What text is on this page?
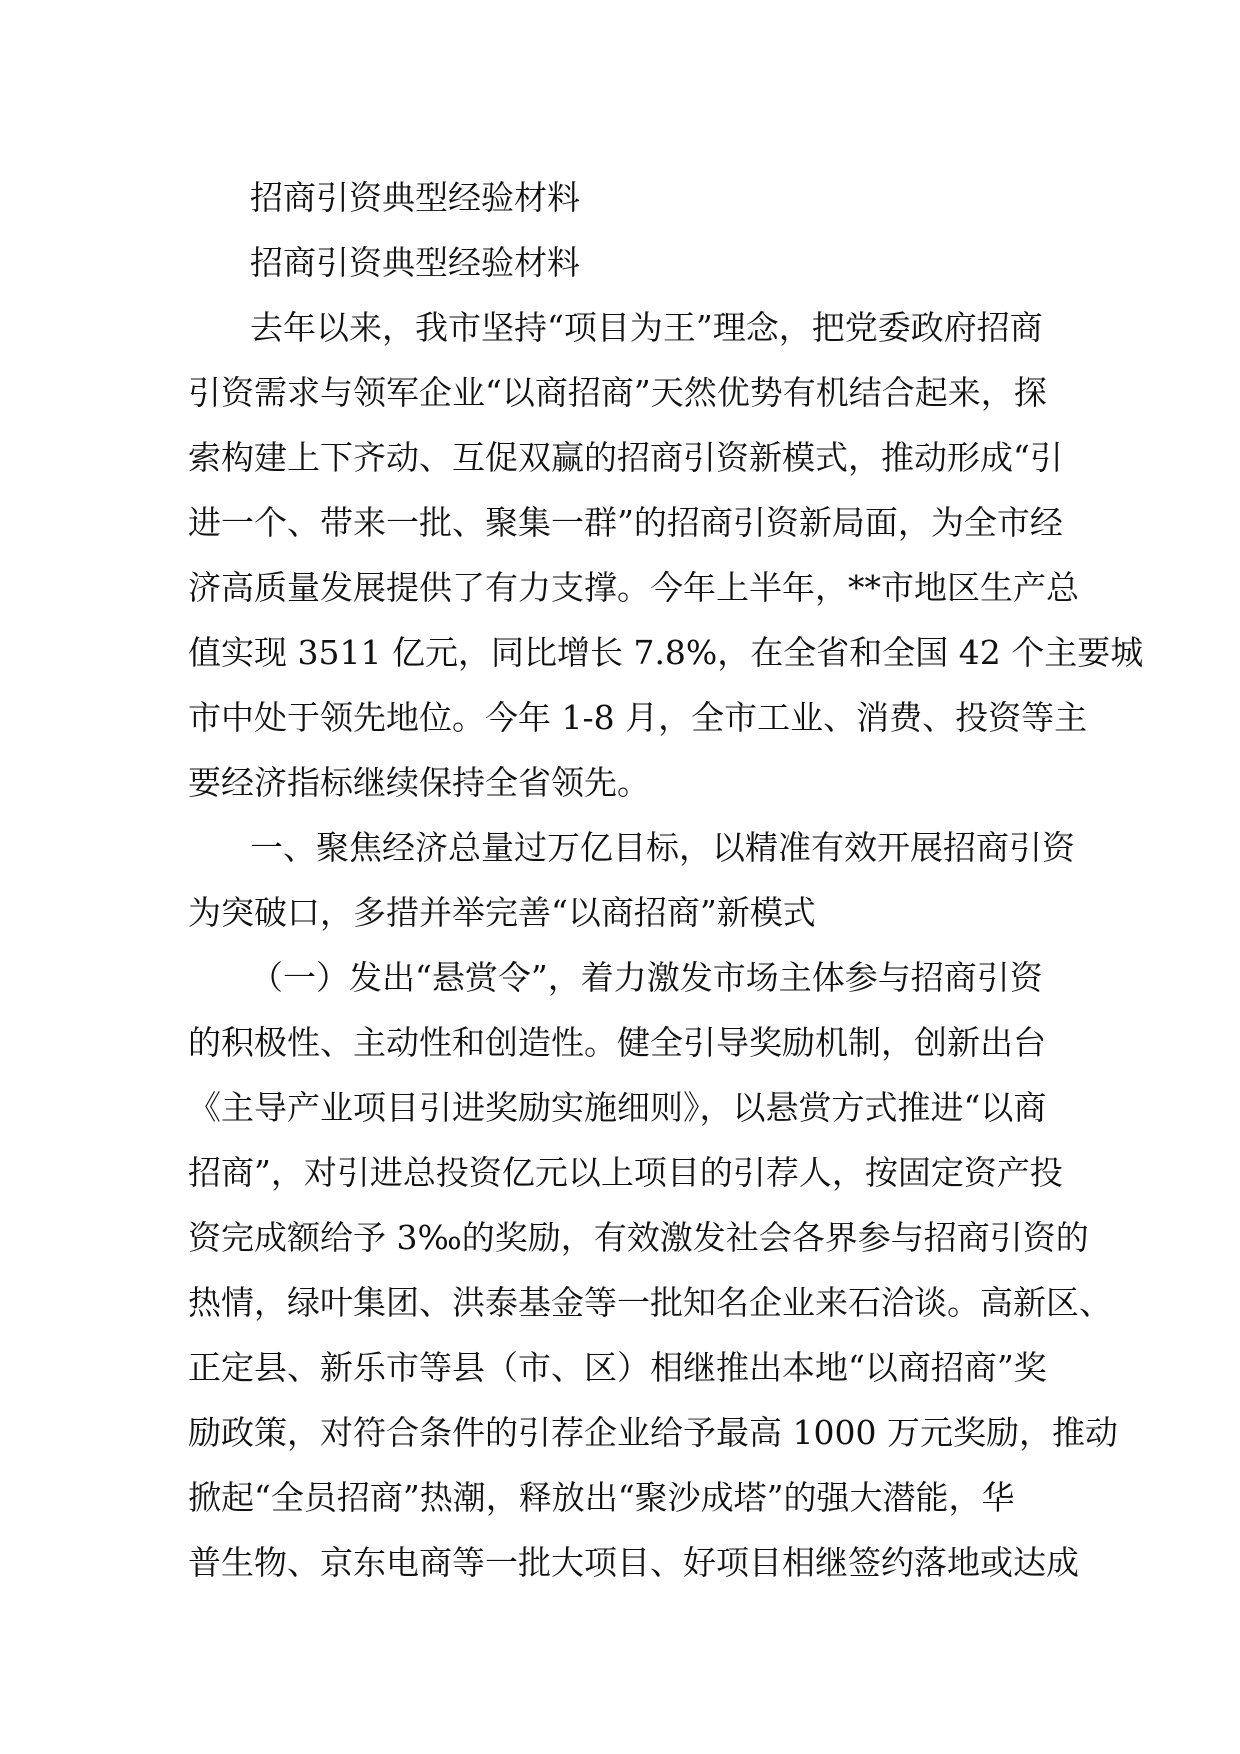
招商引资典型经验材料
招商引资典型经验材料
去年以来，我市坚持“项目为王”理念，把党委政府招商
引资需求与领军企业“以商招商”天然优势有机结合起来，探
索构建上下齐动、互促双赢的招商引资新模式，推动形成“引
进一个、带来一批、聚集一群”的招商引资新局面，为全市经
济高质量发展提供了有力支撑。今年上半年，**市地区生产总
值实现 3511 亿元，同比增长 7.8%，在全省和全国 42 个主要城
市中处于领先地位。今年 1-8 月，全市工业、消费、投资等主
要经济指标继续保持全省领先。
一、聚焦经济总量过万亿目标，以精准有效开展招商引资
为突破口，多措并举完善“以商招商”新模式
（一）发出“悬赏令”，着力激发市场主体参与招商引资
的积极性、主动性和创造性。健全引导奖励机制，创新出台
《主导产业项目引进奖励实施细则》，以悬赏方式推进“以商
招商”，对引进总投资亿元以上项目的引荐人，按固定资产投
资完成额给予 3‰的奖励，有效激发社会各界参与招商引资的
热情，绿叶集团、洪泰基金等一批知名企业来石洽谈。高新区、
正定县、新乐市等县（市、区）相继推出本地“以商招商”奖
励政策，对符合条件的引荐企业给予最高 1000 万元奖励，推动
掀起“全员招商”热潮，释放出“聚沙成塔”的强大潜能，华
普生物、京东电商等一批大项目、好项目相继签约落地或达成
